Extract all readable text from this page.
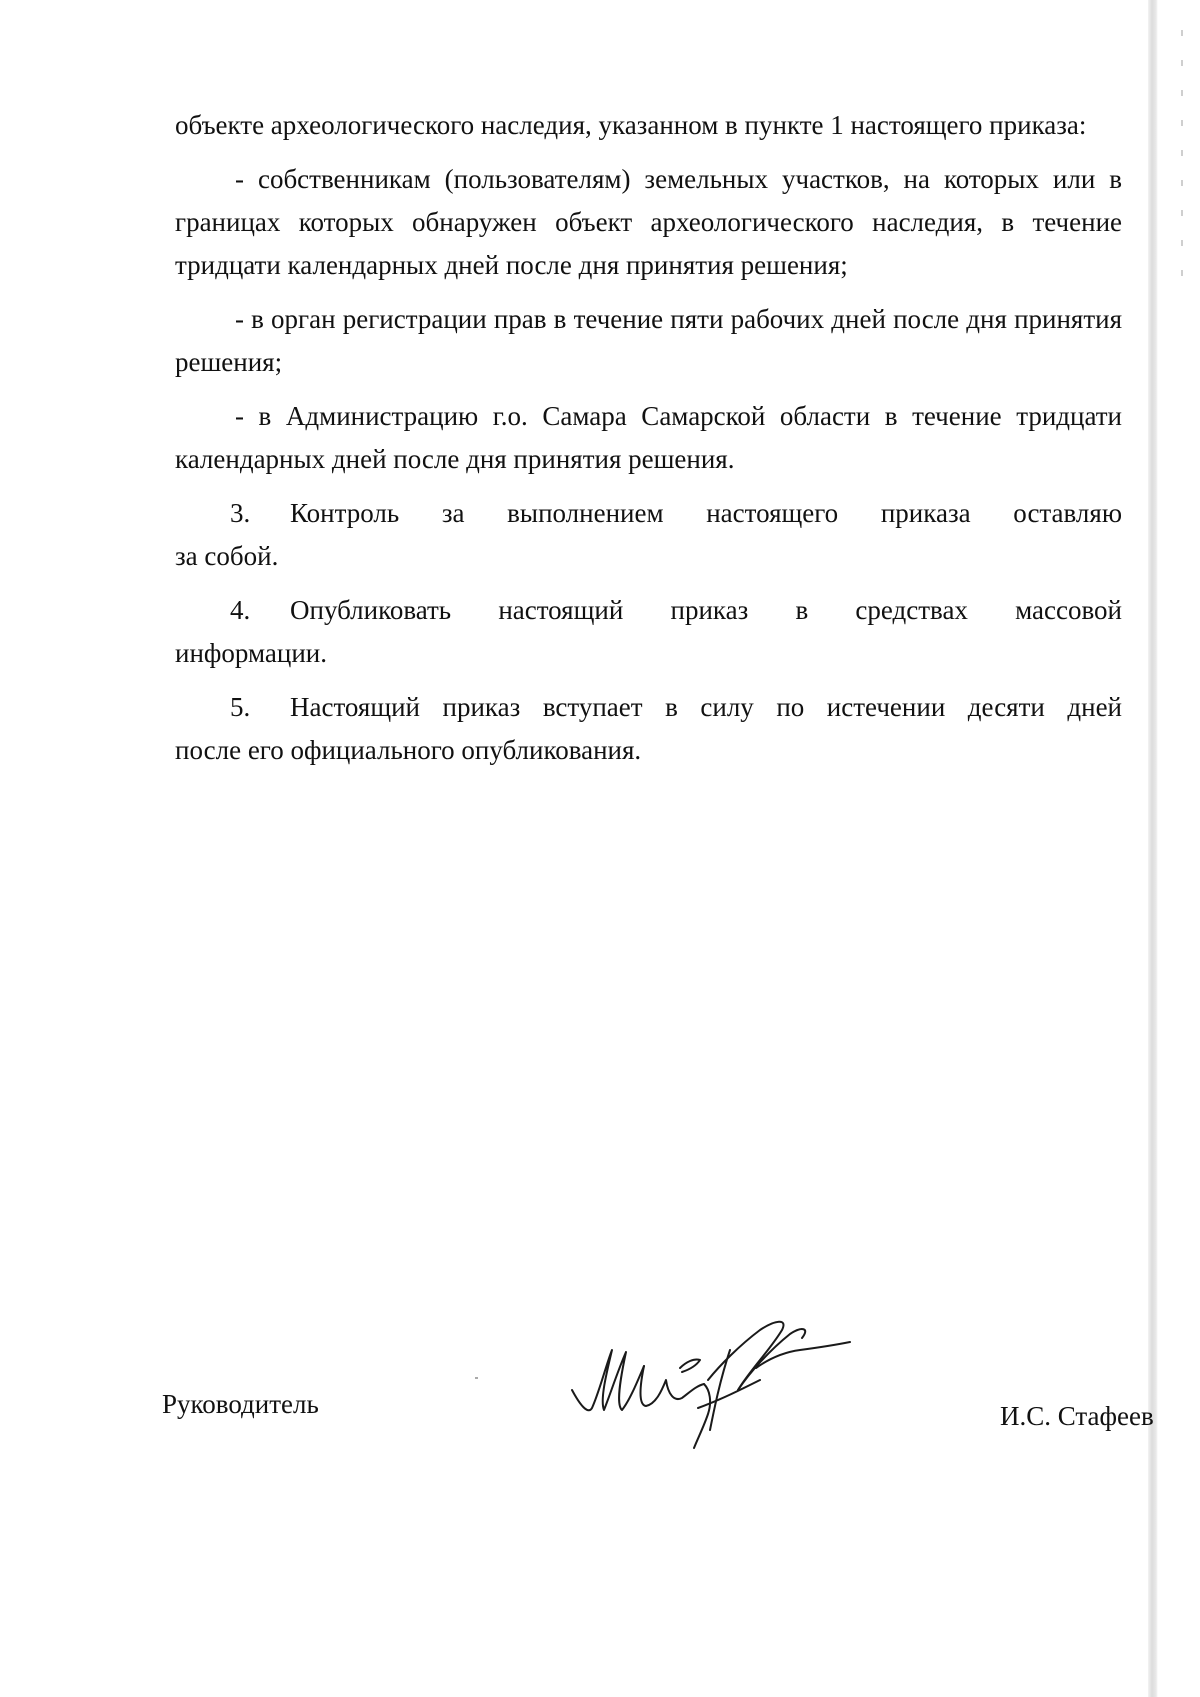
объекте археологического наследия, указанном в пункте 1 настоящего приказа:

- собственникам (пользователям) земельных участков, на которых или в границах которых обнаружен объект археологического наследия, в течение тридцати календарных дней после дня принятия решения;

- в орган регистрации прав в течение пяти рабочих дней после дня принятия решения;

- в Администрацию г.о. Самара Самарской области в течение тридцати календарных дней после дня принятия решения.

3.	Контроль за выполнением настоящего приказа оставляю
за собой.
4.	Опубликовать настоящий приказ в средствах массовой
информации.
5.	Настоящий приказ вступает в силу по истечении десяти дней
после его официального опубликования.
Руководитель	И.С. Стафеев
